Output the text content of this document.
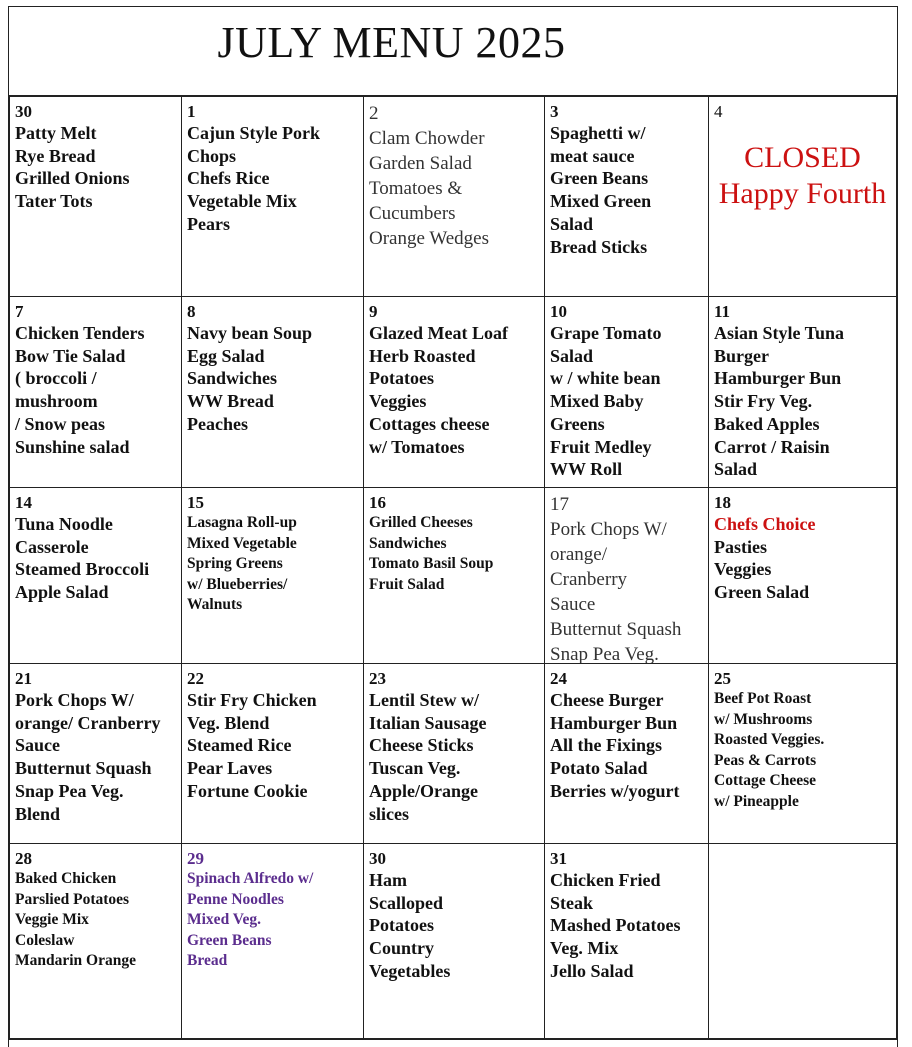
JULY MENU 2025
30
Patty Melt
Rye Bread
Grilled Onions
Tater Tots
1
Cajun Style Pork
Chops
Chefs Rice
Vegetable Mix
Pears
2
Clam Chowder
Garden Salad
Tomatoes &
Cucumbers
Orange Wedges
3
Spaghetti w/
meat sauce
Green Beans
Mixed Green
Salad
Bread Sticks
4
CLOSED
Happy Fourth
7
Chicken Tenders
Bow Tie Salad
( broccoli /
mushroom
/ Snow peas
Sunshine salad
8
Navy bean Soup
Egg Salad
Sandwiches
WW Bread
Peaches
9
Glazed Meat Loaf
Herb Roasted
Potatoes
Veggies
Cottages cheese
w/ Tomatoes
10
Grape Tomato
Salad
w / white bean
Mixed Baby
Greens
Fruit Medley
WW Roll
11
Asian Style Tuna
Burger
Hamburger Bun
Stir Fry Veg.
Baked Apples
Carrot / Raisin
Salad
14
Tuna Noodle
Casserole
Steamed Broccoli
Apple Salad
15
Lasagna Roll-up
Mixed Vegetable
Spring Greens
w/ Blueberries/
Walnuts
16
Grilled Cheeses
Sandwiches
Tomato Basil Soup
Fruit Salad
17
Pork Chops W/
orange/
Cranberry
Sauce
Butternut Squash
Snap Pea Veg.
18
Chefs Choice
Pasties
Veggies
Green Salad
21
Pork Chops W/
orange/ Cranberry
Sauce
Butternut Squash
Snap Pea Veg.
Blend
22
Stir Fry Chicken
Veg. Blend
Steamed Rice
Pear Laves
Fortune Cookie
23
Lentil Stew w/
Italian Sausage
Cheese Sticks
Tuscan Veg.
Apple/Orange
slices
24
Cheese Burger
Hamburger Bun
All the Fixings
Potato Salad
Berries w/yogurt
25
Beef Pot Roast
w/ Mushrooms
Roasted Veggies.
Peas & Carrots
Cottage Cheese
w/ Pineapple
28
Baked Chicken
Parslied Potatoes
Veggie Mix
Coleslaw
Mandarin Orange
29
Spinach Alfredo w/
Penne Noodles
Mixed Veg.
Green Beans
Bread
30
Ham
Scalloped
Potatoes
Country
Vegetables
31
Chicken Fried
Steak
Mashed Potatoes
Veg. Mix
Jello Salad
